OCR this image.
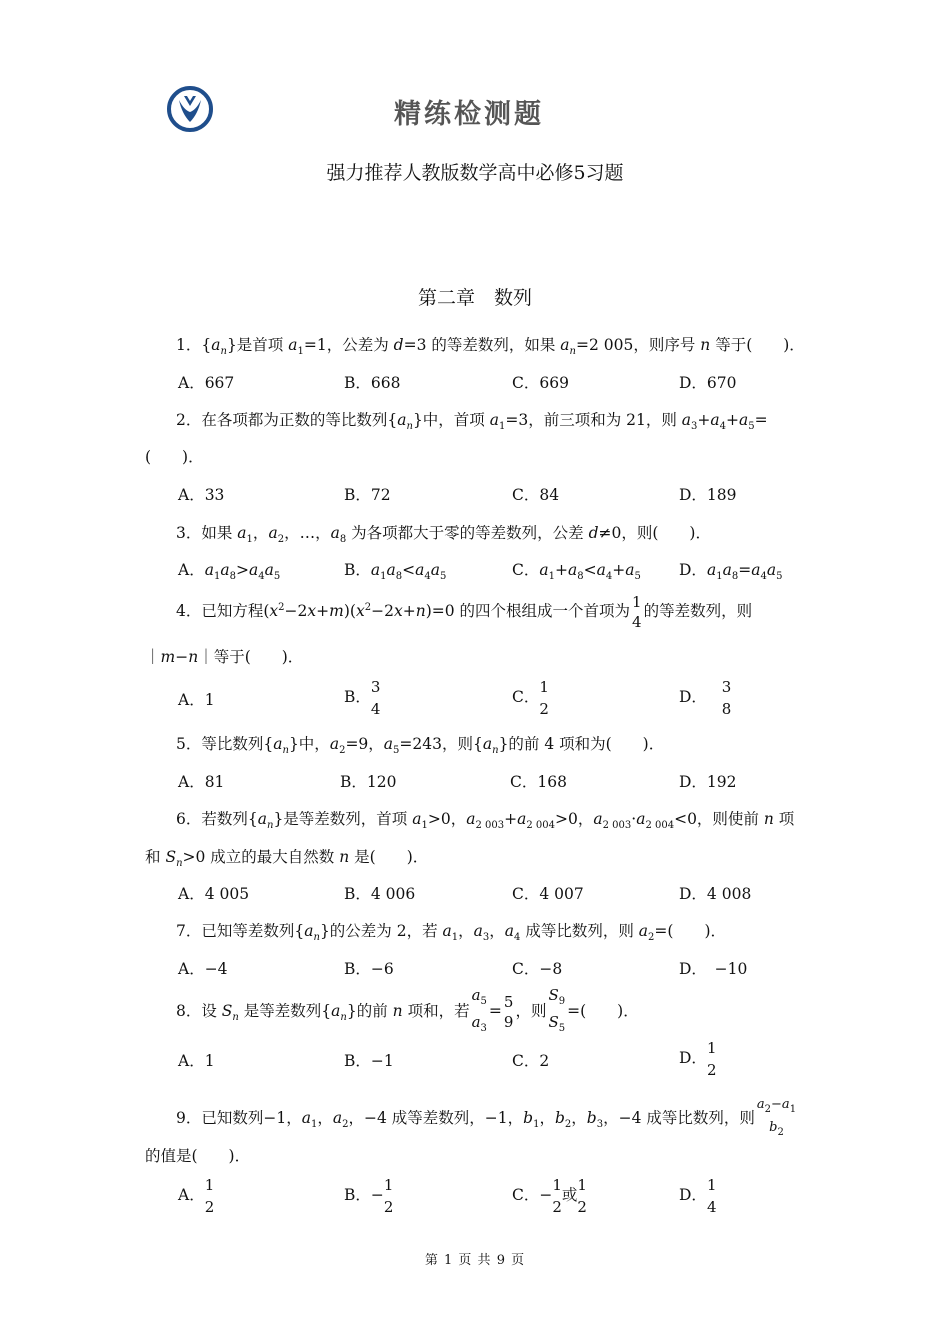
精练检测题
强力推荐人教版数学高中必修5习题
第二章　数列
1．$\{a_n\}$是首项 $a_1=1$，公差为 d=3 的等差数列，如果 $a_n=2$ 005，则序号 n 等于(　　)．
A．667	B．668	C．669	D．670
2．在各项都为正数的等比数列$\{a_n\}$中，首项 $a_1=3$，前三项和为 21，则 $a_3+a_4+a_5=$
(　　)．
A．33	B．72	C．84	D．189
3．如果 $a_1$，$a_2$，…，$a_8$ 为各项都大于零的等差数列，公差 d≠0，则(　　)．
A．$a_1a_8>a_4a_5$	B．$a_1a_8<a_4a_5$	C．$a_1+a_8<a_4+a_5$ D．$a_1a_8=a_4a_5$
4．已知方程$(x^2-2x+m)(x^2-2x+n)=0$ 的四个根组成一个首项为 1
4
的等差数列，则
｜m−n｜等于(　　)．
A．1	B．
3
4
C．
1
2
D．
3
8
5．等比数列$\{a_n\}$中，$a_2=9$，$a_5=243$，则$\{a_n\}$的前 4 项和为(　　)．
A．81	B．120	C．168	D．192
6．若数列$\{a_n\}$是等差数列，首项 $a_1>0$，$a_{2 003}+a_{2 004}>0$，$a_{2 003}\cdot a_{2 004}<0$，则使前 n 项
和 $S_n>0$ 成立的最大自然数 n 是(　　)．
A．4 005	B．4 006	C．4 007	D．4 008
7．已知等差数列$\{a_n\}$的公差为 2，若 $a_1$，$a_3$，$a_4$ 成等比数列，则 $a_2=$(　　)．
A．−4	B．−6	C．−8	D．　−10
8．设 $S_n$ 是等差数列$\{a_n\}$的前 n 项和，若
$a_5$
$a_3$
= 5
9
，则
$S_9$
$S_5$
=(　　)．
A．1	B．−1	C．2	D．
1
2
9．已知数列−1，$a_1$，$a_2$，−4 成等差数列，−1，$b_1$，$b_2$，$b_3$，−4 成等比数列，则
$a_2-a_1$
$b_2$
的值是(　　)．
A．
1
2
B．−
1
2
C．−
1
2
或
1
2
D．
1
4
第 1 页 共 9 页
